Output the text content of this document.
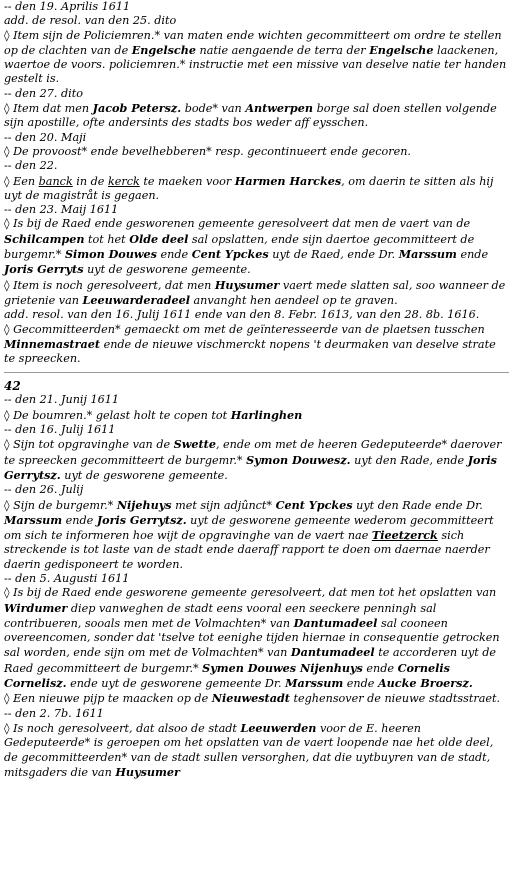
-- den 19. Aprilis 1611
add. de resol. van den 25. dito
◊ Item sijn de Policiemren.* van maten ende wichten gecommitteert om ordre te stellen op de clachten van de Engelsche natie aengaende de terra der Engelsche laackenen, waertoe de voors. policiemren.* instructie met een missive van deselve natie ter handen gestelt is.
-- den 27. dito
◊ Item dat men Jacob Petersz. bode* van Antwerpen borge sal doen stellen volgende sijn apostille, ofte andersints des stadts bos weder aff eysschen.
-- den 20. Maji
◊ De provoost* ende bevelhebberen* resp. gecontinueert ende gecoren.
-- den 22.
◊ Een banck in de kerck te maeken voor Harmen Harckes, om daerin te sitten als hij uyt de magistråt is gegaen.
-- den 23. Maij 1611
◊ Is bij de Raed ende gesworenen gemeente geresolveert dat men de vaert van de Schilcampen tot het Olde deel sal opslatten, ende sijn daertoe gecommitteert de burgemr.* Simon Douwes ende Cent Ypckes uyt de Raed, ende Dr. Marssum ende Joris Gerryts uyt de gesworene gemeente.
◊ Item is noch geresolveert, dat men Huysumer vaert mede slatten sal, soo wanneer de grietenie van Leeuwarderadeel anvanght hen aendeel op te graven.
add. resol. van den 16. Julij 1611 ende van den 8. Febr. 1613, van den 28. 8b. 1616.
◊ Gecommitteerden* gemaeckt om met de geïnteresseerde van de plaetsen tusschen Minnemastraet ende de nieuwe vischmerckt nopens 't deurmaken van deselve strate te spreecken.
42
-- den 21. Junij 1611
◊ De boumren.* gelast holt te copen tot Harlinghen
-- den 16. Julij 1611
◊ Sijn tot opgravinghe van de Swette, ende om met de heeren Gedeputeerde* daerover te spreecken gecommitteert de burgemr.* Symon Douwesz. uyt den Rade, ende Joris Gerrytsz. uyt de gesworene gemeente.
-- den 26. Julij
◊ Sijn de burgemr.* Nijehuys met sijn adjûnct* Cent Ypckes uyt den Rade ende Dr. Marssum ende Joris Gerrytsz. uyt de gesworene gemeente wederom gecommitteert om sich te informeren hoe wijt de opgravinghe van de vaert nae Tieetzerck sich streckende is tot laste van de stadt ende daeraff rapport te doen om daernae naerder daerin gedisponeert te worden.
-- den 5. Augusti 1611
◊ Is bij de Raed ende gesworene gemeente geresolveert, dat men tot het opslatten van Wirdumer diep vanweghen de stadt eens vooral een seeckere penningh sal contribueren, sooals men met de Volmachten* van Dantumadeel sal cooneen overeencomen, sonder dat 'tselve tot eenighe tijden hiernae in consequentie getrocken sal worden, ende sijn om met de Volmachten* van Dantumadeel te accorderen uyt de Raed gecommitteert de burgemr.* Symen Douwes Nijenhuys ende Cornelis Cornelisz. ende uyt de gesworene gemeente Dr. Marssum ende Aucke Broersz.
◊ Een nieuwe pijp te maacken op de Nieuwestadt teghensover de nieuwe stadtsstraet.
-- den 2. 7b. 1611
◊ Is noch geresolveert, dat alsoo de stadt Leeuwerden voor de E. heeren Gedeputeerde* is geroepen om het opslatten van de vaert loopende nae het olde deel, de gecommitteerden* van de stadt sullen versorghen, dat die uytbuyren van de stadt, mitsgaders die van Huysumer
